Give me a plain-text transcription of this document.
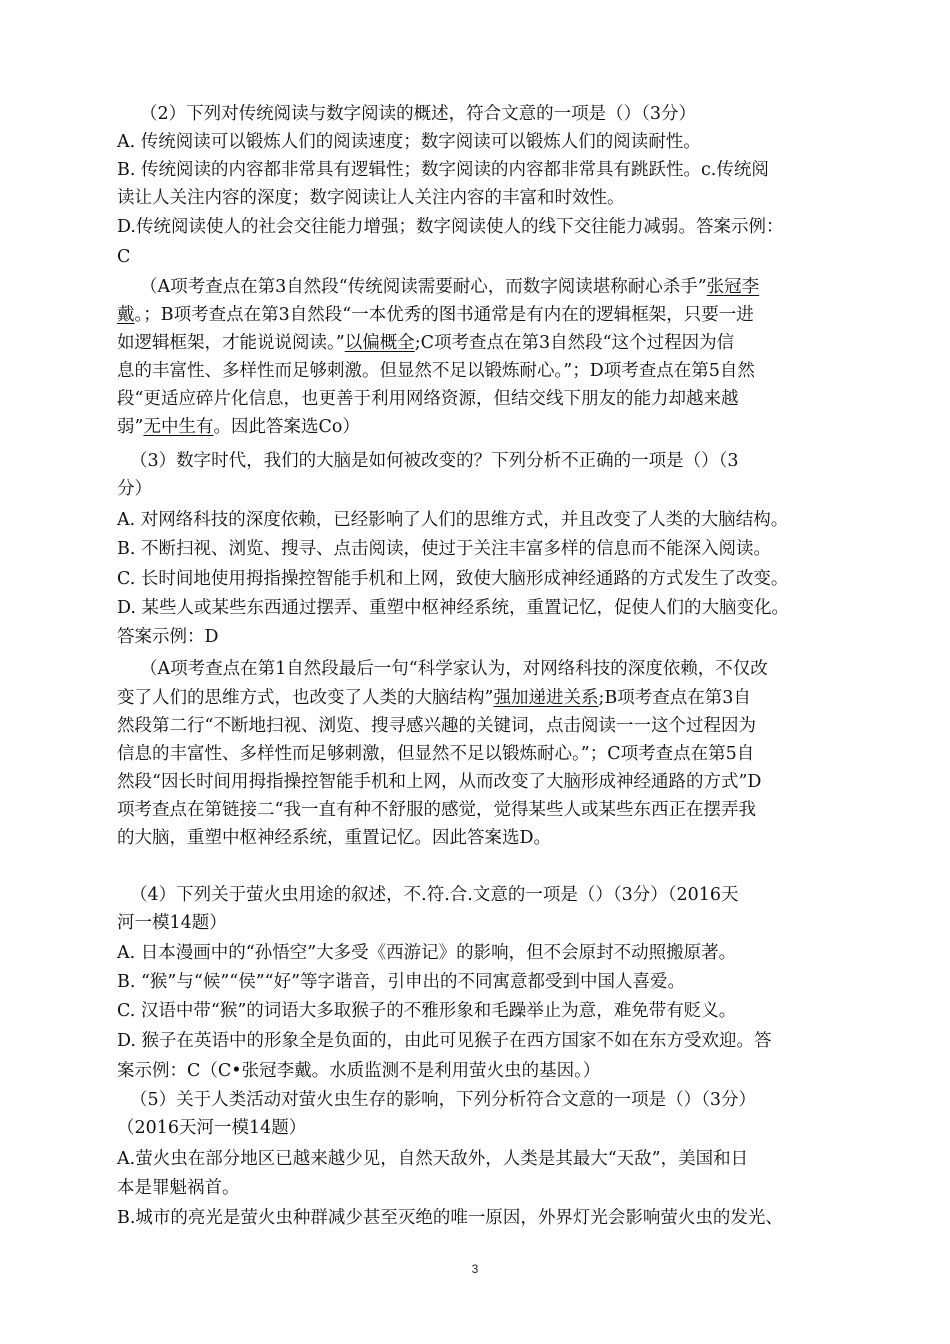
（2）下列对传统阅读与数字阅读的概述，符合文意的一项是（）（3分）
A. 传统阅读可以锻炼人们的阅读速度；数字阅读可以锻炼人们的阅读耐性。
B. 传统阅读的内容都非常具有逻辑性；数字阅读的内容都非常具有跳跃性。c.传统阅
读让人关注内容的深度；数字阅读让人关注内容的丰富和时效性。
D.传统阅读使人的社会交往能力增强；数字阅读使人的线下交往能力减弱。答案示例：
C
（A项考查点在第3自然段“传统阅读需要耐心，而数字阅读堪称耐心杀手”张冠李
戴。；B项考查点在第3自然段“一本优秀的图书通常是有内在的逻辑框架，只要一进
如逻辑框架，才能说说阅读。”以偏概全;C项考查点在第3自然段“这个过程因为信
息的丰富性、多样性而足够刺激。但显然不足以锻炼耐心。”；D项考查点在第5自然
段“更适应碎片化信息，也更善于利用网络资源，但结交线下朋友的能力却越来越
弱”无中生有。因此答案选Co）
（3）数字时代，我们的大脑是如何被改变的？下列分析不正确的一项是（）（3
分）
A. 对网络科技的深度依赖，已经影响了人们的思维方式，并且改变了人类的大脑结构。
B. 不断扫视、浏览、搜寻、点击阅读，使过于关注丰富多样的信息而不能深入阅读。
C. 长时间地使用拇指操控智能手机和上网，致使大脑形成神经通路的方式发生了改变。
D. 某些人或某些东西通过摆弄、重塑中枢神经系统，重置记忆，促使人们的大脑变化。
答案示例：D
（A项考查点在第1自然段最后一句“科学家认为，对网络科技的深度依赖，不仅改
变了人们的思维方式，也改变了人类的大脑结构”强加递进关系;B项考查点在第3自
然段第二行“不断地扫视、浏览、搜寻感兴趣的关键词，点击阅读一一这个过程因为
信息的丰富性、多样性而足够刺激，但显然不足以锻炼耐心。”；C项考查点在第5自
然段“因长时间用拇指操控智能手机和上网，从而改变了大脑形成神经通路的方式”D
项考查点在第链接二“我一直有种不舒服的感觉，觉得某些人或某些东西正在摆弄我
的大脑，重塑中枢神经系统，重置记忆。因此答案选D。
（4）下列关于萤火虫用途的叙述，不.符.合.文意的一项是（）（3分）（2016天
河一模14题）
A. 日本漫画中的“孙悟空”大多受《西游记》的影响，但不会原封不动照搬原著。
B. “猴”与“候”“侯”“好”等字谐音，引申出的不同寓意都受到中国人喜爱。
C. 汉语中带“猴”的词语大多取猴子的不雅形象和毛躁举止为意，难免带有贬义。
D. 猴子在英语中的形象全是负面的，由此可见猴子在西方国家不如在东方受欢迎。答
案示例：C（C•张冠李戴。水质监测不是利用萤火虫的基因。）
（5）关于人类活动对萤火虫生存的影响，下列分析符合文意的一项是（）（3分）
（2016天河一模14题）
A.萤火虫在部分地区已越来越少见，自然天敌外，人类是其最大“天敌”，美国和日
本是罪魁祸首。
B.城市的亮光是萤火虫种群减少甚至灭绝的唯一原因，外界灯光会影响萤火虫的发光、
3
